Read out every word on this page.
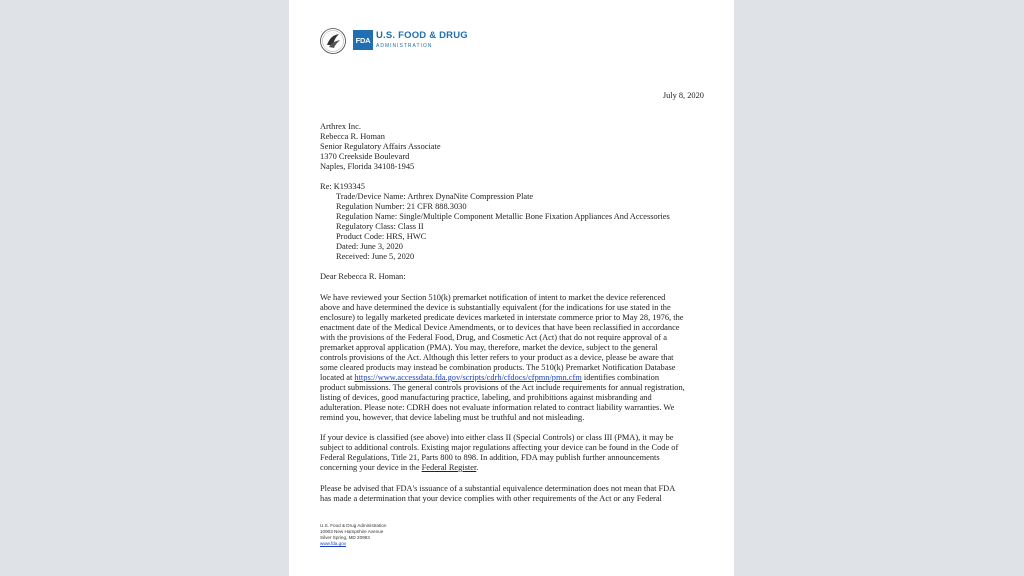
FDA U.S. FOOD & DRUG
ADMINISTRATION
July 8, 2020
Arthrex Inc.
Rebecca R. Homan
Senior Regulatory Affairs Associate
1370 Creekside Boulevard
Naples, Florida 34108-1945
Re: K193345
Trade/Device Name: Arthrex DynaNite Compression Plate
Regulation Number: 21 CFR 888.3030
Regulation Name: Single/Multiple Component Metallic Bone Fixation Appliances And Accessories
Regulatory Class: Class II
Product Code: HRS, HWC
Dated: June 3, 2020
Received: June 5, 2020
Dear Rebecca R. Homan:
We have reviewed your Section 510(k) premarket notification of intent to market the device referenced
above and have determined the device is substantially equivalent (for the indications for use stated in the
enclosure) to legally marketed predicate devices marketed in interstate commerce prior to May 28, 1976, the
enactment date of the Medical Device Amendments, or to devices that have been reclassified in accordance
with the provisions of the Federal Food, Drug, and Cosmetic Act (Act) that do not require approval of a
premarket approval application (PMA). You may, therefore, market the device, subject to the general
controls provisions of the Act. Although this letter refers to your product as a device, please be aware that
some cleared products may instead be combination products. The 510(k) Premarket Notification Database
located at https://www.accessdata.fda.gov/scripts/cdrh/cfdocs/cfpmn/pmn.cfm identifies combination
product submissions. The general controls provisions of the Act include requirements for annual registration,
listing of devices, good manufacturing practice, labeling, and prohibitions against misbranding and
adulteration. Please note: CDRH does not evaluate information related to contract liability warranties. We
remind you, however, that device labeling must be truthful and not misleading.
If your device is classified (see above) into either class II (Special Controls) or class III (PMA), it may be
subject to additional controls. Existing major regulations affecting your device can be found in the Code of
Federal Regulations, Title 21, Parts 800 to 898. In addition, FDA may publish further announcements
concerning your device in the Federal Register.
Please be advised that FDA's issuance of a substantial equivalence determination does not mean that FDA
has made a determination that your device complies with other requirements of the Act or any Federal
U.S. Food & Drug Administration
10903 New Hampshire Avenue
Silver Spring, MD 20993
www.fda.gov
